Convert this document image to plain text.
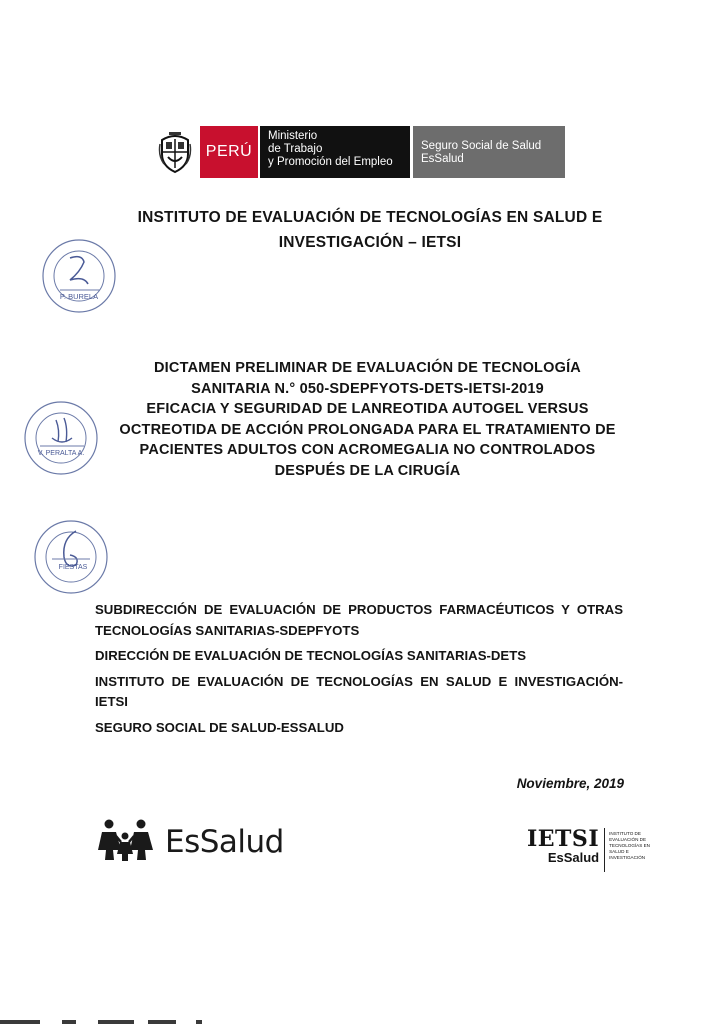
PERÚ
Ministerio
de Trabajo
y Promoción del Empleo
Seguro Social de Salud
EsSalud
INSTITUTO DE EVALUACIÓN DE TECNOLOGÍAS EN SALUD E
INVESTIGACIÓN – IETSI
P. BURELA
V. PERALTA A.
FIESTAS
DICTAMEN PRELIMINAR DE EVALUACIÓN DE TECNOLOGÍA
SANITARIA N.° 050-SDEPFYOTS-DETS-IETSI-2019
EFICACIA Y SEGURIDAD DE LANREOTIDA AUTOGEL VERSUS
OCTREOTIDA DE ACCIÓN PROLONGADA PARA EL TRATAMIENTO DE
PACIENTES ADULTOS CON ACROMEGALIA NO CONTROLADOS
DESPUÉS DE LA CIRUGÍA
SUBDIRECCIÓN DE EVALUACIÓN DE PRODUCTOS FARMACÉUTICOS Y OTRAS TECNOLOGÍAS SANITARIAS-SDEPFYOTS
DIRECCIÓN DE EVALUACIÓN DE TECNOLOGÍAS SANITARIAS-DETS
INSTITUTO DE EVALUACIÓN DE TECNOLOGÍAS EN SALUD E INVESTIGACIÓN-IETSI
SEGURO SOCIAL DE SALUD-ESSALUD
Noviembre, 2019
EsSalud	IETSI
EsSalud
INSTITUTO DE EVALUACIÓN DE TECNOLOGÍAS EN SALUD E INVESTIGACIÓN
